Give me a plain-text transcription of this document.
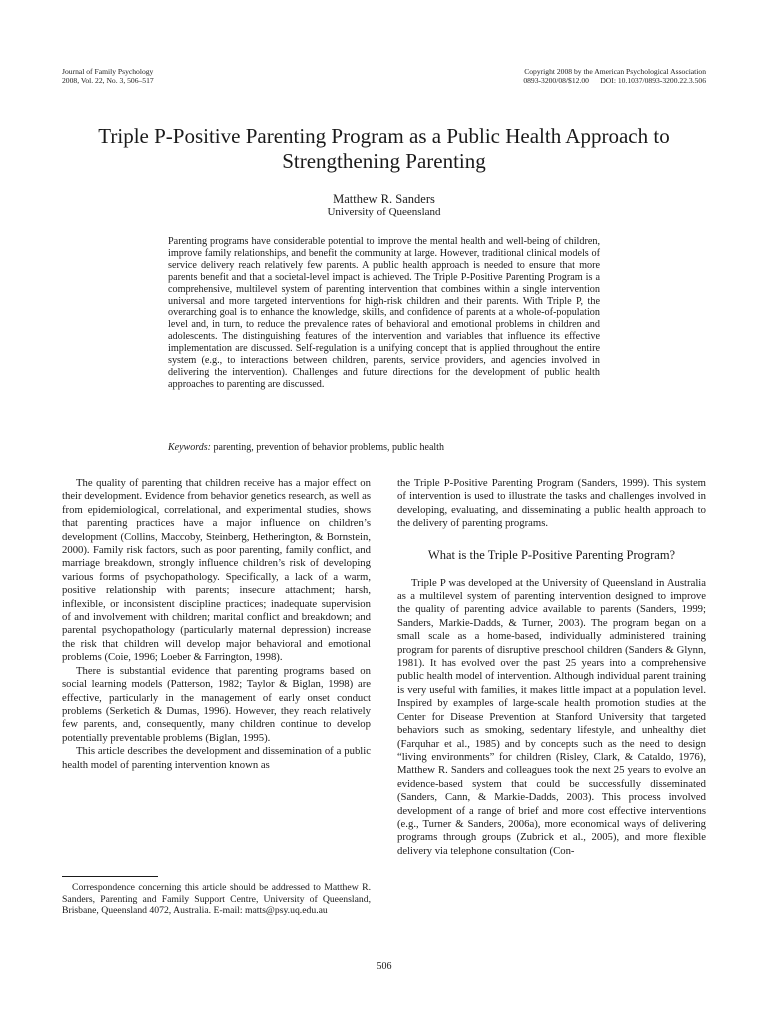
Journal of Family Psychology
2008, Vol. 22, No. 3, 506–517
Copyright 2008 by the American Psychological Association
0893-3200/08/$12.00      DOI: 10.1037/0893-3200.22.3.506
Triple P-Positive Parenting Program as a Public Health Approach to Strengthening Parenting
Matthew R. Sanders
University of Queensland
Parenting programs have considerable potential to improve the mental health and well-being of children, improve family relationships, and benefit the community at large. However, traditional clinical models of service delivery reach relatively few parents. A public health approach is needed to ensure that more parents benefit and that a societal-level impact is achieved. The Triple P-Positive Parenting Program is a comprehensive, multilevel system of parenting intervention that combines within a single intervention universal and more targeted interventions for high-risk children and their parents. With Triple P, the overarching goal is to enhance the knowledge, skills, and confidence of parents at a whole-of-population level and, in turn, to reduce the prevalence rates of behavioral and emotional problems in children and adolescents. The distinguishing features of the intervention and variables that influence its effective implementation are discussed. Self-regulation is a unifying concept that is applied throughout the entire system (e.g., to interactions between children, parents, service providers, and agencies involved in delivering the intervention). Challenges and future directions for the development of public health approaches to parenting are discussed.
Keywords: parenting, prevention of behavior problems, public health

The quality of parenting that children receive has a major effect on their development. Evidence from behavior genetics research, as well as from epidemiological, correlational, and experimental studies, shows that parenting practices have a major influence on children’s development (Collins, Maccoby, Steinberg, Hetherington, & Bornstein, 2000). Family risk factors, such as poor parenting, family conflict, and marriage breakdown, strongly influence children’s risk of developing various forms of psychopathology. Specifically, a lack of a warm, positive relationship with parents; insecure attachment; harsh, inflexible, or inconsistent discipline practices; inadequate supervision of and involvement with children; marital conflict and breakdown; and parental psychopathology (particularly maternal depression) increase the risk that children will develop major behavioral and emotional problems (Coie, 1996; Loeber & Farrington, 1998).

There is substantial evidence that parenting programs based on social learning models (Patterson, 1982; Taylor & Biglan, 1998) are effective, particularly in the management of early onset conduct problems (Serketich & Dumas, 1996). However, they reach relatively few parents, and, consequently, many children continue to develop potentially preventable problems (Biglan, 1995).

This article describes the development and dissemination of a public health model of parenting intervention known as

the Triple P-Positive Parenting Program (Sanders, 1999). This system of intervention is used to illustrate the tasks and challenges involved in developing, evaluating, and disseminating a public health approach to the delivery of parenting programs.

What is the Triple P-Positive Parenting Program?

Triple P was developed at the University of Queensland in Australia as a multilevel system of parenting intervention designed to improve the quality of parenting advice available to parents (Sanders, 1999; Sanders, Markie-Dadds, & Turner, 2003). The program began on a small scale as a home-based, individually administered training program for parents of disruptive preschool children (Sanders & Glynn, 1981). It has evolved over the past 25 years into a comprehensive public health model of intervention. Although individual parent training is very useful with families, it makes little impact at a population level. Inspired by examples of large-scale health promotion studies at the Center for Disease Prevention at Stanford University that targeted behaviors such as smoking, sedentary lifestyle, and unhealthy diet (Farquhar et al., 1985) and by concepts such as the need to design “living environments” for children (Risley, Clark, & Cataldo, 1976), Matthew R. Sanders and colleagues took the next 25 years to evolve an evidence-based system that could be successfully disseminated (Sanders, Cann, & Markie-Dadds, 2003). This process involved development of a range of brief and more cost effective interventions (e.g., Turner & Sanders, 2006a), more economical ways of delivering programs through groups (Zubrick et al., 2005), and more flexible delivery via telephone consultation (Con-

Correspondence concerning this article should be addressed to Matthew R. Sanders, Parenting and Family Support Centre, University of Queensland, Brisbane, Queensland 4072, Australia. E-mail: matts@psy.uq.edu.au

506
